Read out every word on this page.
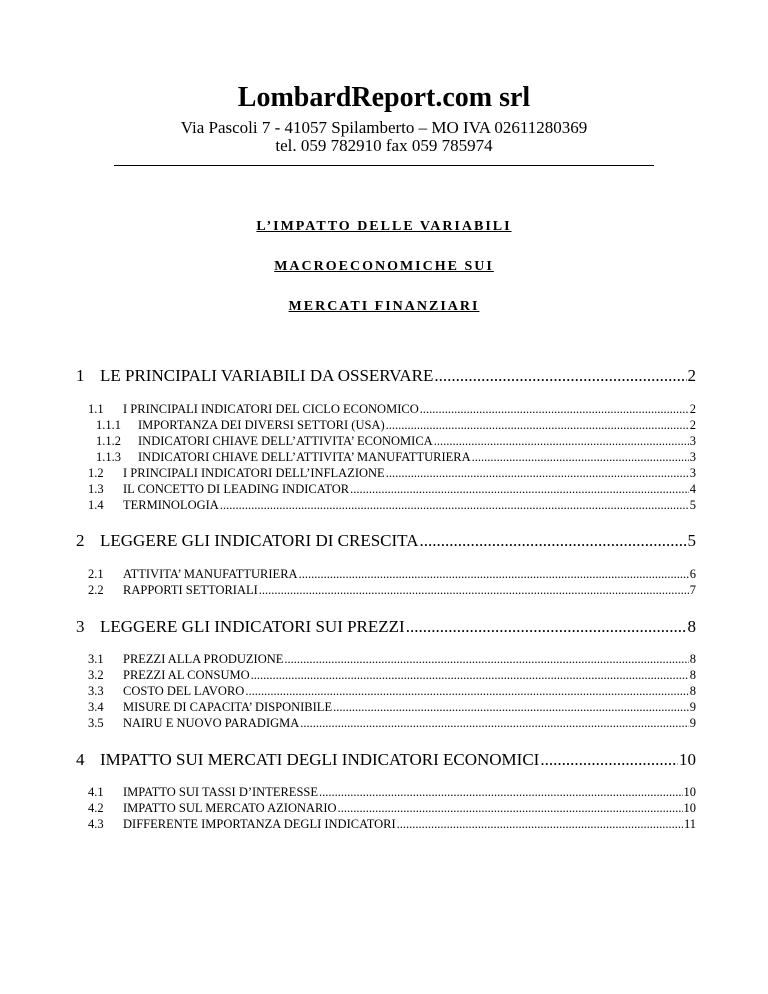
LombardReport.com srl
Via Pascoli 7 - 41057 Spilamberto – MO IVA 02611280369
tel. 059 782910 fax 059 785974
L’IMPATTO DELLE VARIABILI
MACROECONOMICHE SUI
MERCATI FINANZIARI
1 LE PRINCIPALI VARIABILI DA OSSERVARE .....	2
1.1	I PRINCIPALI INDICATORI DEL CICLO ECONOMICO .....	2
1.1.1	IMPORTANZA DEI DIVERSI SETTORI (USA) .....	2
1.1.2	INDICATORI CHIAVE DELL’ATTIVITA’ ECONOMICA .....	3
1.1.3	INDICATORI CHIAVE DELL’ATTIVITA’ MANUFATTURIERA .....	3
1.2	I PRINCIPALI INDICATORI DELL’INFLAZIONE .....	3
1.3	IL CONCETTO DI LEADING INDICATOR .....	4
1.4	TERMINOLOGIA .....	5
2 LEGGERE GLI INDICATORI DI CRESCITA .....	5
2.1	ATTIVITA’ MANUFATTURIERA .....	6
2.2	RAPPORTI SETTORIALI .....	7
3 LEGGERE GLI INDICATORI SUI PREZZI .....	8
3.1	PREZZI ALLA PRODUZIONE .....	8
3.2	PREZZI AL CONSUMO .....	8
3.3	COSTO DEL LAVORO .....	8
3.4	MISURE DI CAPACITA’ DISPONIBILE .....	9
3.5	NAIRU E NUOVO PARADIGMA .....	9
4 IMPATTO SUI MERCATI DEGLI INDICATORI ECONOMICI .....	10
4.1	IMPATTO SUI TASSI D’INTERESSE .....	10
4.2	IMPATTO SUL MERCATO AZIONARIO .....	10
4.3	DIFFERENTE IMPORTANZA DEGLI INDICATORI .....	11
